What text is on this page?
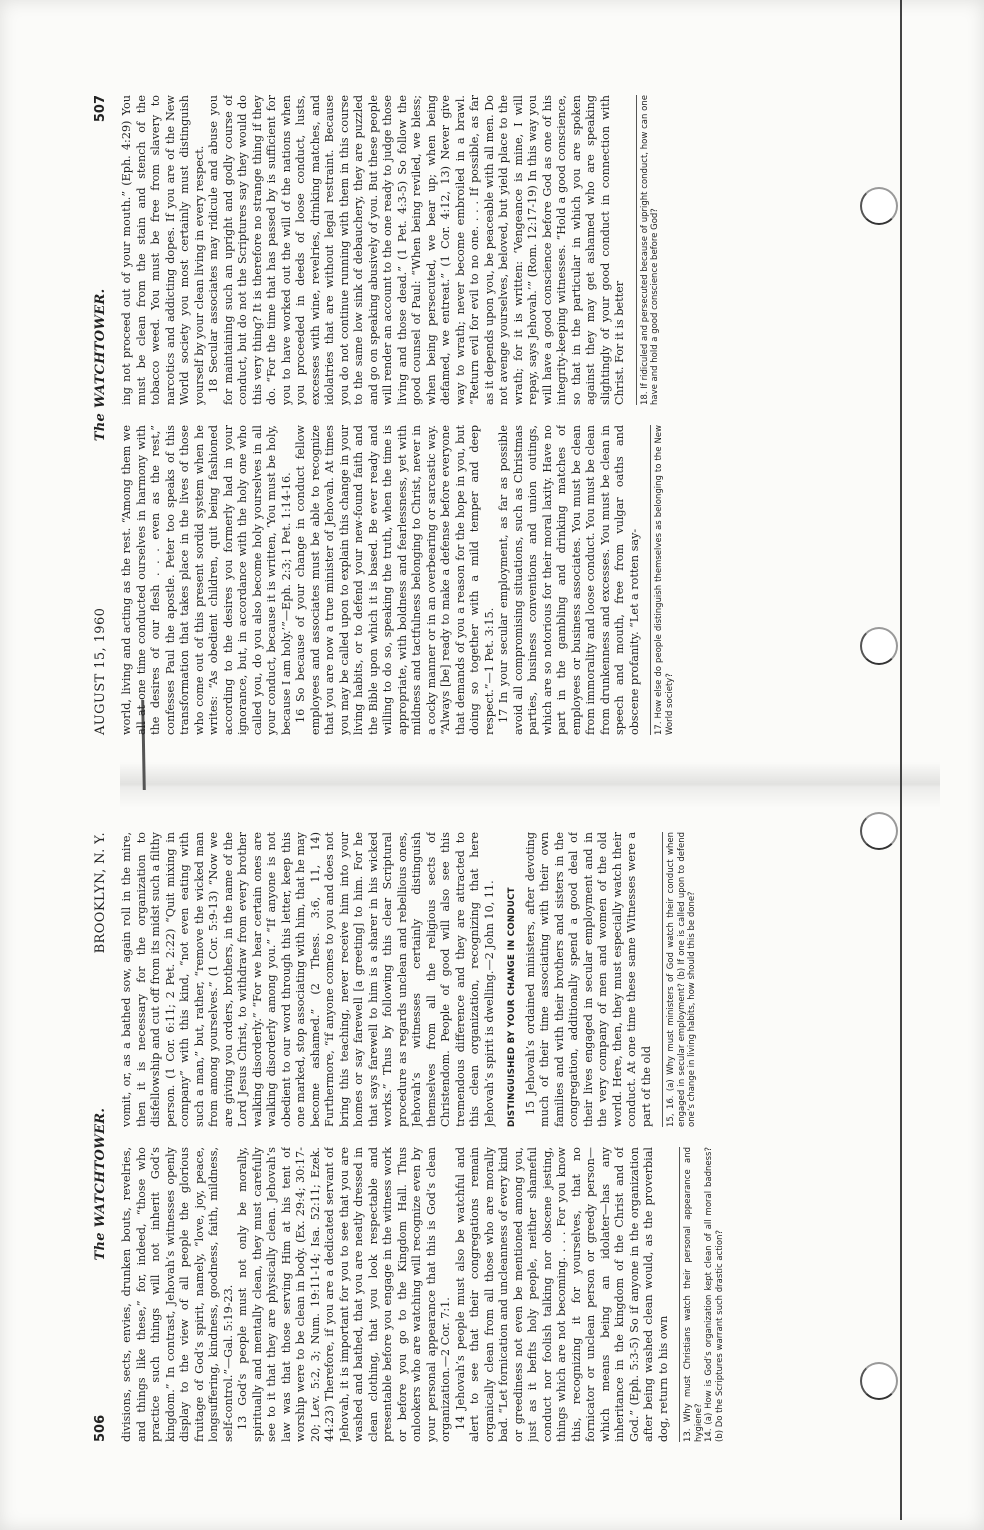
506
The WATCHTOWER.
BROOKLYN, N. Y.

divisions, sects, envies, drunken bouts, revelries, and things like these,” for, indeed, “those who practice such things will not inherit God’s kingdom.” In contrast, Jehovah’s witnesses openly display to the view of all people the glorious fruitage of God’s spirit, namely, “love, joy, peace, longsuffering, kindness, goodness, faith, mildness, self-control.”—Gal. 5:19-23. 13 God’s people must not only be morally, spiritually and mentally clean, they must carefully see to it that they are physically clean. Jehovah’s law was that those serving Him at his tent of worship were to be clean in body. (Ex. 29:4; 30:17-20; Lev. 5:2, 3; Num. 19:11-14; Isa. 52:11; Ezek. 44:23) Therefore, if you are a dedicated servant of Jehovah, it is important for you to see that you are washed and bathed, that you are neatly dressed in clean clothing, that you look respectable and presentable before you engage in the witness work or before you go to the Kingdom Hall. Thus onlookers who are watching will recognize even by your personal appearance that this is God’s clean organization.—2 Cor. 7:1. 14 Jehovah’s people must also be watchful and alert to see that their congregations remain organically clean from all those who are morally bad. “Let fornication and uncleanness of every kind or greediness not even be mentioned among you, just as it befits holy people, neither shameful conduct nor foolish talking nor obscene jesting, things which are not becoming. . . . For you know this, recognizing it for yourselves, that no fornicator or unclean person or greedy person—which means being an idolater—has any inheritance in the kingdom of the Christ and of God.” (Eph. 5:3-5) So if anyone in the organization after being washed clean would, as the proverbial dog, return to his own 13. Why must Christians watch their personal appearance and hygiene? 14. (a) How is God’s organization kept clean of all moral badness? (b) Do the Scriptures warrant such drastic action?

vomit, or, as a bathed sow, again roll in the mire, then it is necessary for the organization to disfellowship and cut off from its midst such a filthy person. (1 Cor. 6:11; 2 Pet. 2:22) “Quit mixing in company” with this kind, “not even eating with such a man,” but, rather, “remove the wicked man from among yourselves.” (1 Cor. 5:9-13) “Now we are giving you orders, brothers, in the name of the Lord Jesus Christ, to withdraw from every brother walking disorderly.” “For we hear certain ones are walking disorderly among you.” “If anyone is not obedient to our word through this letter, keep this one marked, stop associating with him, that he may become ashamed.” (2 Thess. 3:6, 11, 14) Furthermore, “if anyone comes to you and does not bring this teaching, never receive him into your homes or say farewell [a greeting] to him. For he that says farewell to him is a sharer in his wicked works.” Thus by following this clear Scriptural procedure as regards unclean and rebellious ones, Jehovah’s witnesses certainly distinguish themselves from all the religious sects of Christendom. People of good will also see this tremendous difference and they are attracted to this clean organization, recognizing that here Jehovah’s spirit is dwelling.—2 John 10, 11. DISTINGUISHED BY YOUR CHANGE IN CONDUCT 15 Jehovah’s ordained ministers, after devoting much of their time associating with their own families and with their brothers and sisters in the congregation, additionally spend a good deal of their lives engaged in secular employment and in the very company of men and women of the old world. Here, then, they must especially watch their conduct. At one time these same Witnesses were a part of the old 15, 16. (a) Why must ministers of God watch their conduct when engaged in secular employment? (b) If one is called upon to defend one’s change in living habits, how should this be done?
AUGUST 15, 1960
The WATCHTOWER.
507

world, living and acting as the rest. “Among them we all at one time conducted ourselves in harmony with the desires of our flesh . . . even as the rest,” confesses Paul the apostle. Peter too speaks of this transformation that takes place in the lives of those who come out of this present sordid system when he writes: “As obedient children, quit being fashioned according to the desires you formerly had in your ignorance, but, in accordance with the holy one who called you, do you also become holy yourselves in all your conduct, because it is written, ‘You must be holy, because I am holy.’”—Eph. 2:3; 1 Pet. 1:14-16. 16 So because of your change in conduct fellow employees and associates must be able to recognize that you are now a true minister of Jehovah. At times you may be called upon to explain this change in your living habits, or to defend your new-found faith and the Bible upon which it is based. Be ever ready and willing to do so, speaking the truth, when the time is appropriate, with boldness and fearlessness, yet with mildness and tactfulness belonging to Christ, never in a cocky manner or in an overbearing or sarcastic way. “Always [be] ready to make a defense before everyone that demands of you a reason for the hope in you, but doing so together with a mild temper and deep respect.”—1 Pet. 3:15. 17 In your secular employment, as far as possible avoid all compromising situations, such as Christmas parties, business conventions and union outings, which are so notorious for their moral laxity. Have no part in the gambling and drinking matches of employees or business associates. You must be clean from immorality and loose conduct. You must be clean from drunkenness and excesses. You must be clean in speech and mouth, free from vulgar oaths and obscene profanity. “Let a rotten say- 17. How else do people distinguish themselves as belonging to the New World society?

ing not proceed out of your mouth.” (Eph. 4:29) You must be clean from the stain and stench of the tobacco weed. You must be free from slavery to narcotics and addicting dopes. If you are of the New World society you most certainly must distinguish yourself by your clean living in every respect. 18 Secular associates may ridicule and abuse you for maintaining such an upright and godly course of conduct, but do not the Scriptures say they would do this very thing? It is therefore no strange thing if they do. “For the time that has passed by is sufficient for you to have worked out the will of the nations when you proceeded in deeds of loose conduct, lusts, excesses with wine, revelries, drinking matches, and idolatries that are without legal restraint. Because you do not continue running with them in this course to the same low sink of debauchery, they are puzzled and go on speaking abusively of you. But these people will render an account to the one ready to judge those living and those dead.” (1 Pet. 4:3-5) So follow the good counsel of Paul: “When being reviled, we bless; when being persecuted, we bear up; when being defamed, we entreat.” (1 Cor. 4:12, 13) Never give way to wrath; never become embroiled in a brawl. “Return evil for evil to no one. . . . If possible, as far as it depends upon you, be peaceable with all men. Do not avenge yourselves, beloved, but yield place to the wrath; for it is written: ‘Vengeance is mine, I will repay, says Jehovah.’” (Rom. 12:17-19) In this way you will have a good conscience before God as one of his integrity-keeping witnesses. “Hold a good conscience, so that in the particular in which you are spoken against they may get ashamed who are speaking slightingly of your good conduct in connection with Christ. For it is better 18. If ridiculed and persecuted because of upright conduct, how can one have and hold a good conscience before God?
